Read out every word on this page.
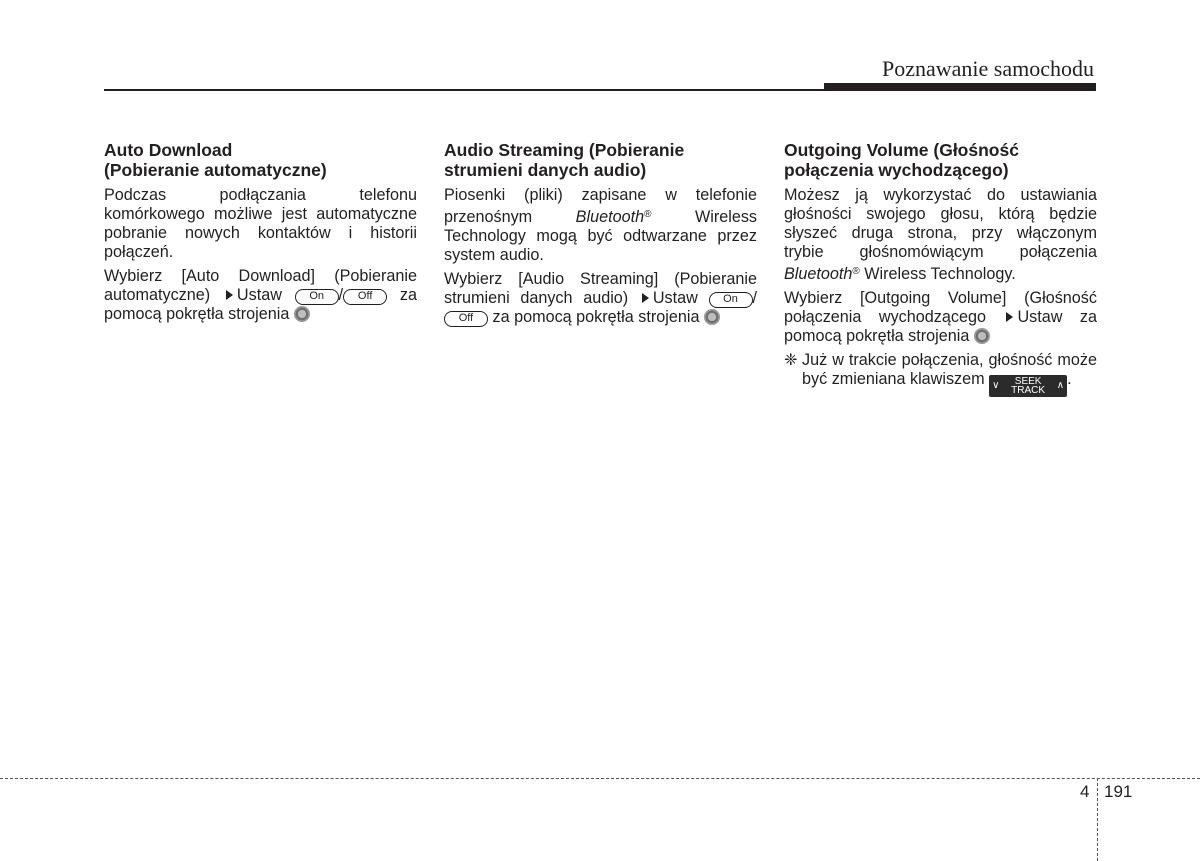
Poznawanie samochodu
Auto Download
(Pobieranie automatyczne)

Podczas podłączania telefonu komórkowego możliwe jest automatyczne pobranie nowych kontaktów i historii połączeń.

Wybierz [Auto Download] (Pobieranie automatyczne) Ustaw On / Off za pomocą pokrętła strojenia

Audio Streaming (Pobieranie
strumieni danych audio)

Piosenki (pliki) zapisane w telefonie przenośnym	Bluetooth®	Wireless Technology mogą być odtwarzane przez system audio.

Wybierz [Audio Streaming] (Pobieranie strumieni danych audio) Ustaw On / Off za pomocą pokrętła strojenia

Outgoing Volume (Głośność
połączenia wychodzącego)

Możesz ją wykorzystać do ustawiania głośności swojego głosu, którą będzie słyszeć druga strona, przy włączonym trybie głośnomówiącym połączenia Bluetooth® Wireless Technology.

Wybierz [Outgoing Volume] (Głośność połączenia wychodzącego Ustaw za pomocą pokrętła strojenia

❈ Już w trakcie połączenia, głośność może być zmieniana klawiszem ∨	SEEK
TRACK ∧ .

4 191
